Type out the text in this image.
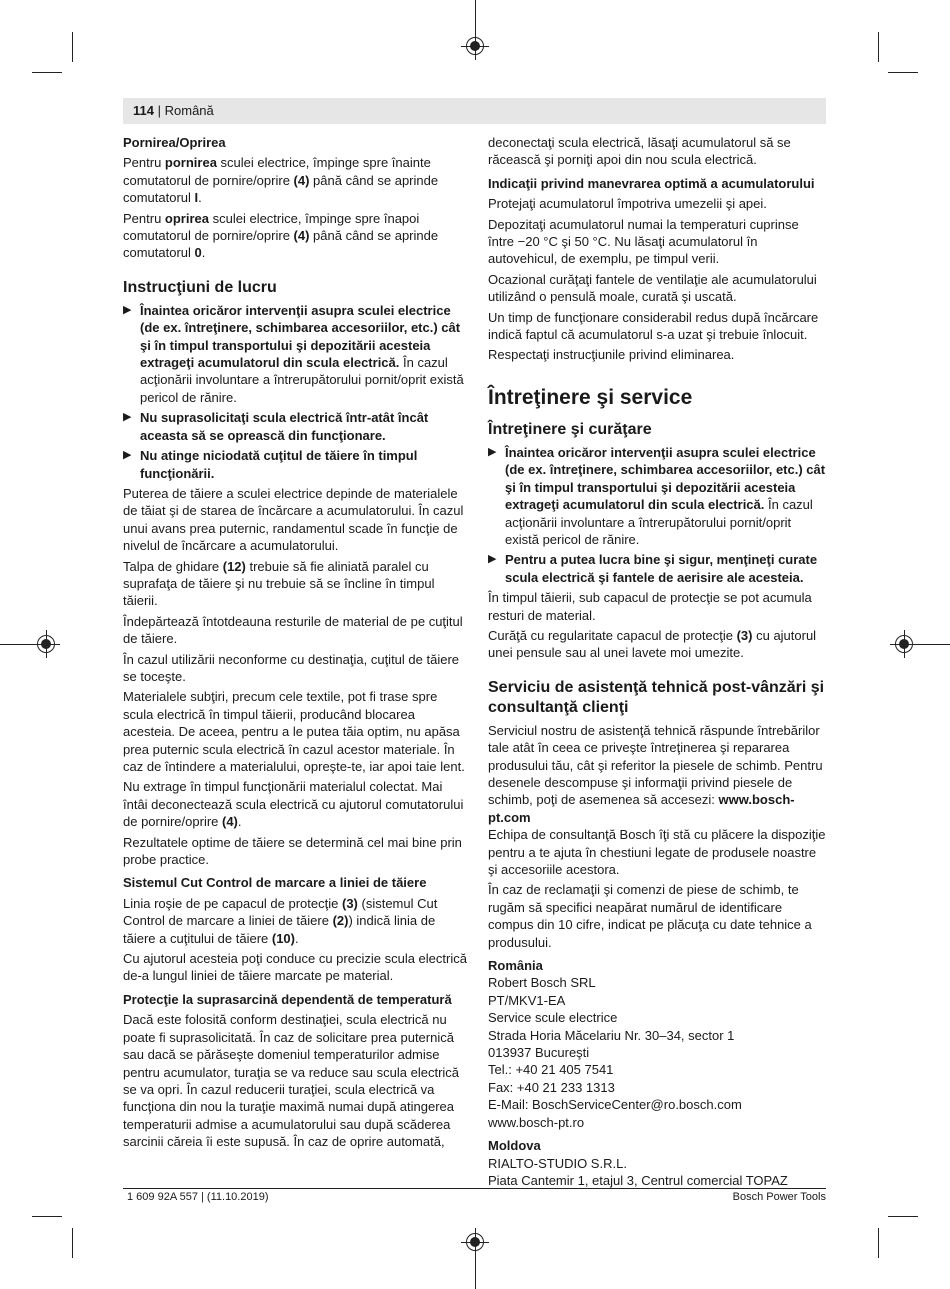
114 | Română

Pornirea/Oprirea

Pentru pornirea sculei electrice, împinge spre înainte comutatorul de pornire/oprire (4) până când se aprinde comutatorul I.

Pentru oprirea sculei electrice, împinge spre înapoi comutatorul de pornire/oprire (4) până când se aprinde comutatorul 0.

Instrucţiuni de lucru
▶ Înaintea oricăror intervenţii asupra sculei electrice (de ex. întreţinere, schimbarea accesoriilor, etc.) cât şi în timpul transportului şi depozitării acesteia extrageţi acumulatorul din scula electrică. În cazul acţionării involuntare a întrerupătorului pornit/oprit există pericol de rănire.
▶ Nu suprasolicitaţi scula electrică într-atât încât aceasta să se oprească din funcţionare.
▶ Nu atinge niciodată cuţitul de tăiere în timpul funcţionării.

Puterea de tăiere a sculei electrice depinde de materialele de tăiat şi de starea de încărcare a acumulatorului. În cazul unui avans prea puternic, randamentul scade în funcţie de nivelul de încărcare a acumulatorului.

Talpa de ghidare (12) trebuie să fie aliniată paralel cu suprafaţa de tăiere şi nu trebuie să se încline în timpul tăierii.

Îndepărtează întotdeauna resturile de material de pe cuţitul de tăiere.

În cazul utilizării neconforme cu destinaţia, cuţitul de tăiere se toceşte.

Materialele subţiri, precum cele textile, pot fi trase spre scula electrică în timpul tăierii, producând blocarea acesteia. De aceea, pentru a le putea tăia optim, nu apăsa prea puternic scula electrică în cazul acestor materiale. În caz de întindere a materialului, opreşte-te, iar apoi taie lent.

Nu extrage în timpul funcţionării materialul colectat. Mai întâi deconectează scula electrică cu ajutorul comutatorului de pornire/oprire (4).

Rezultatele optime de tăiere se determină cel mai bine prin probe practice.

Sistemul Cut Control de marcare a liniei de tăiere

Linia roşie de pe capacul de protecţie (3) (sistemul Cut Control de marcare a liniei de tăiere (2)) indică linia de tăiere a cuţitului de tăiere (10).

Cu ajutorul acesteia poţi conduce cu precizie scula electrică de-a lungul liniei de tăiere marcate pe material.

Protecţie la suprasarcină dependentă de temperatură

Dacă este folosită conform destinaţiei, scula electrică nu poate fi suprasolicitată. În caz de solicitare prea puternică sau dacă se părăseşte domeniul temperaturilor admise pentru acumulator, turaţia se va reduce sau scula electrică se va opri. În cazul reducerii turaţiei, scula electrică va funcţiona din nou la turaţie maximă numai după atingerea temperaturii admise a acumulatorului sau după scăderea sarcinii căreia îi este supusă. În caz de oprire automată,

deconectaţi scula electrică, lăsaţi acumulatorul să se răcească şi porniţi apoi din nou scula electrică.

Indicaţii privind manevrarea optimă a acumulatorului

Protejaţi acumulatorul împotriva umezelii şi apei.

Depozitaţi acumulatorul numai la temperaturi cuprinse între −20 °C şi 50 °C. Nu lăsaţi acumulatorul în autovehicul, de exemplu, pe timpul verii.

Ocazional curăţaţi fantele de ventilaţie ale acumulatorului utilizând o pensulă moale, curată şi uscată.

Un timp de funcţionare considerabil redus după încărcare indică faptul că acumulatorul s-a uzat şi trebuie înlocuit.

Respectaţi instrucţiunile privind eliminarea.

Întreţinere şi service
Întreţinere şi curăţare
▶ Înaintea oricăror intervenţii asupra sculei electrice (de ex. întreţinere, schimbarea accesoriilor, etc.) cât şi în timpul transportului şi depozitării acesteia extrageţi acumulatorul din scula electrică. În cazul acţionării involuntare a întrerupătorului pornit/oprit există pericol de rănire.
▶ Pentru a putea lucra bine şi sigur, menţineţi curate scula electrică şi fantele de aerisire ale acesteia.

În timpul tăierii, sub capacul de protecţie se pot acumula resturi de material.

Curăţă cu regularitate capacul de protecţie (3) cu ajutorul unei pensule sau al unei lavete moi umezite.

Serviciu de asistenţă tehnică post-vânzări şi consultanţă clienţi

Serviciul nostru de asistenţă tehnică răspunde întrebărilor tale atât în ceea ce priveşte întreţinerea şi repararea produsului tău, cât şi referitor la piesele de schimb. Pentru desenele descompuse şi informaţii privind piesele de schimb, poţi de asemenea să accesezi: www.bosch-pt.com

Echipa de consultanţă Bosch îţi stă cu plăcere la dispoziţie pentru a te ajuta în chestiuni legate de produsele noastre şi accesoriile acestora.

În caz de reclamaţii şi comenzi de piese de schimb, te rugăm să specifici neapărat numărul de identificare compus din 10 cifre, indicat pe plăcuţa cu date tehnice a produsului.

România

Robert Bosch SRL
PT/MKV1-EA
Service scule electrice
Strada Horia Măcelariu Nr. 30–34, sector 1
013937 Bucureşti
Tel.: +40 21 405 7541
Fax: +40 21 233 1313
E-Mail: BoschServiceCenter@ro.bosch.com
www.bosch-pt.ro

Moldova

RIALTO-STUDIO S.R.L.
Piata Cantemir 1, etajul 3, Centrul comercial TOPAZ
1 609 92A 557 | (11.10.2019)	Bosch Power Tools
